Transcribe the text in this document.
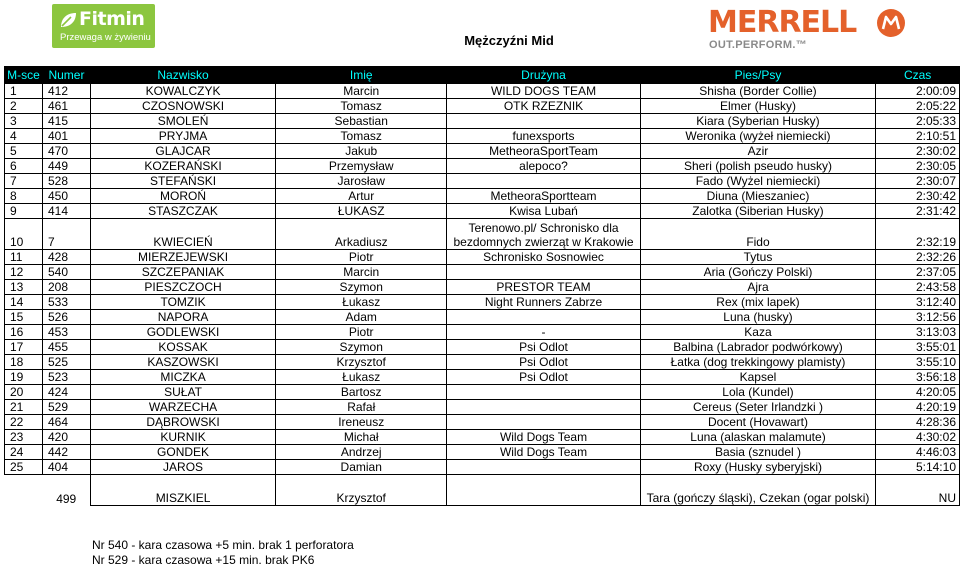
Fitmin
Przewaga w żywieniu	Mężczyźni Mid
MERRELL
OUT.PERFORM.™
M-sce	Numer	Nazwisko	Imię	Drużyna	Pies/Psy	Czas
1	412	KOWALCZYK	Marcin	WILD DOGS TEAM	Shisha (Border Collie)	2:00:09
2	461	CZOSNOWSKI	Tomasz	OTK RZEZNIK	Elmer (Husky)	2:05:22
3	415	SMOLEŃ	Sebastian		Kiara (Syberian Husky)	2:05:33
4	401	PRYJMA	Tomasz	funexsports	Weronika (wyżeł niemiecki)	2:10:51
5	470	GLAJCAR	Jakub	MetheoraSportTeam	Azir	2:30:02
6	449	KOZERAŃSKI	Przemysław	alepoco?	Sheri (polish pseudo husky)	2:30:05
7	528	STEFAŃSKI	Jarosław		Fado (Wyżel niemiecki)	2:30:07
8	450	MOROŃ	Artur	MetheoraSportteam	Diuna (Mieszaniec)	2:30:42
9	414	STASZCZAK	ŁUKASZ	Kwisa Lubań	Zalotka (Siberian Husky)	2:31:42
10	7	KWIECIEŃ	Arkadiusz	Terenowo.pl/ Schronisko dla bezdomnych zwierząt w Krakowie	Fido	2:32:19
11	428	MIERZEJEWSKI	Piotr	Schronisko Sosnowiec	Tytus	2:32:26
12	540	SZCZEPANIAK	Marcin		Aria (Gończy Polski)	2:37:05
13	208	PIESZCZOCH	Szymon	PRESTOR TEAM	Ajra	2:43:58
14	533	TOMZIK	Łukasz	Night Runners Zabrze	Rex (mix lapek)	3:12:40
15	526	NAPORA	Adam		Luna (husky)	3:12:56
16	453	GODLEWSKI	Piotr	-	Kaza	3:13:03
17	455	KOSSAK	Szymon	Psi Odlot	Balbina (Labrador podwórkowy)	3:55:01
18	525	KASZOWSKI	Krzysztof	Psi Odlot	Łatka (dog trekkingowy plamisty)	3:55:10
19	523	MICZKA	Łukasz	Psi Odlot	Kapsel	3:56:18
20	424	SUŁAT	Bartosz		Lola (Kundel)	4:20:05
21	529	WARZECHA	Rafał		Cereus (Seter Irlandzki )	4:20:19
22	464	DĄBROWSKI	Ireneusz		Docent (Hovawart)	4:28:36
23	420	KURNIK	Michał	Wild Dogs Team	Luna (alaskan malamute)	4:30:02
24	442	GONDEK	Andrzej	Wild Dogs Team	Basia (sznudel )	4:46:03
25	404	JAROS	Damian		Roxy (Husky syberyjski)	5:14:10
	499	MISZKIEL	Krzysztof		Tara (gończy śląski), Czekan (ogar polski)	NU
Nr 540 - kara czasowa +5 min. brak 1 perforatora
Nr 529 - kara czasowa +15 min. brak PK6
